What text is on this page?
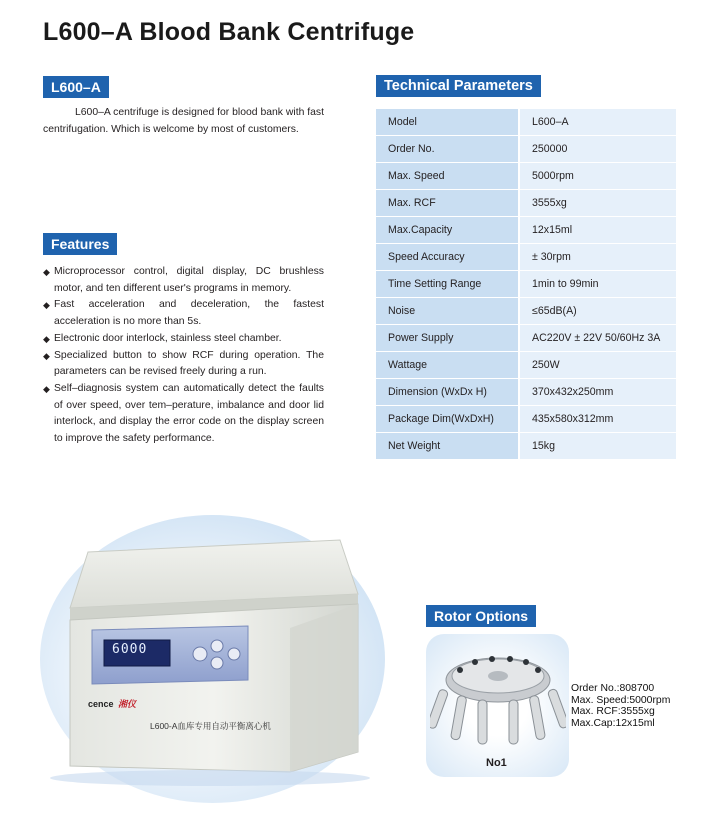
L600–A Blood Bank Centrifuge
L600–A

L600–A centrifuge is designed for blood bank with fast centrifugation. Which is welcome by most of customers.

Features
◆ Microprocessor control, digital display, DC brushless motor, and ten different user's programs in memory.
◆ Fast acceleration and deceleration, the fastest acceleration is no more than 5s.
◆ Electronic door interlock, stainless steel chamber.
◆ Specialized button to show RCF during operation. The parameters can be revised freely during a run.
◆ Self–diagnosis system can automatically detect the faults of over speed, over tem–perature, imbalance and door lid interlock, and display the error code on the display screen to improve the safety performance.
Technical Parameters
Model	L600–A
Order No.	250000
Max. Speed	5000rpm
Max. RCF	3555xg
Max.Capacity	12x15ml
Speed Accuracy	± 30rpm
Time Setting Range	1min to 99min
Noise	≤65dB(A)
Power Supply	AC220V ± 22V 50/60Hz 3A
Wattage	250W
Dimension (WxDx H)	370x432x250mm
Package Dim(WxDxH)	435x580x312mm
Net Weight	15kg
6000
cence 湘仪
L600-A血库专用自动平衡离心机
Rotor Options
No1
Order No.:808700
Max. Speed:5000rpm
Max. RCF:3555xg
Max.Cap:12x15ml
